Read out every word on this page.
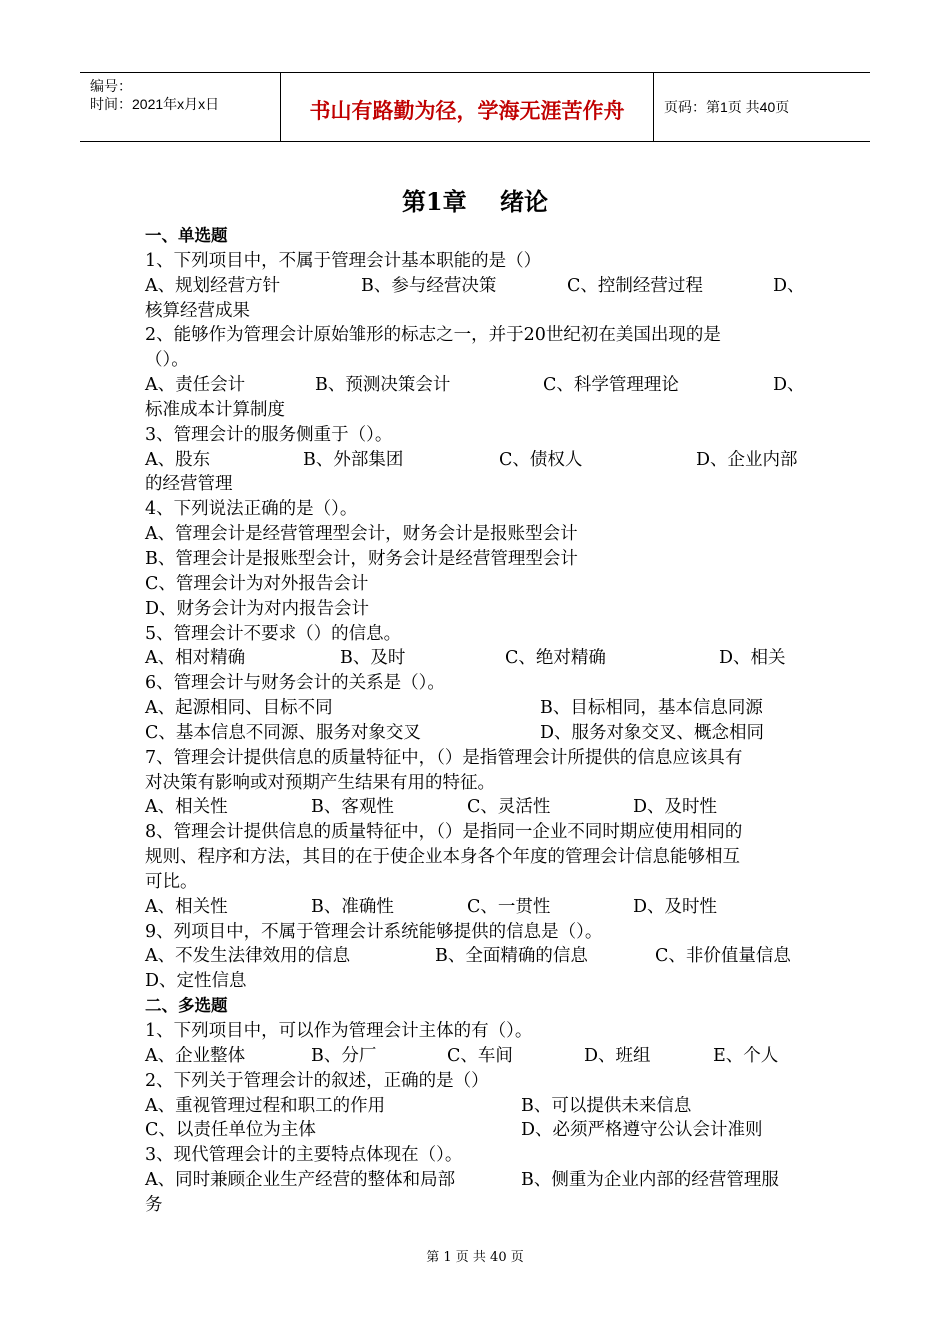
编号：
时间：2021年x月x日	书山有路勤为径，学海无涯苦作舟	页码：第1页 共40页
第1章    绪论
一、单选题
1、下列项目中，不属于管理会计基本职能的是（）

A、规划经营方针

	B、参与经营决策

	C、控制经营过程

	D、

核算经营成果
2、能够作为管理会计原始雏形的标志之一，并于20世纪初在美国出现的是
（）。

A、责任会计

	B、预测决策会计

	C、科学管理理论

	D、

标准成本计算制度
3、管理会计的服务侧重于（）。

A、股东

	B、外部集团

	C、债权人

	D、企业内部

的经营管理
4、下列说法正确的是（）。
A、管理会计是经营管理型会计，财务会计是报账型会计
B、管理会计是报账型会计，财务会计是经营管理型会计
C、管理会计为对外报告会计
D、财务会计为对内报告会计
5、管理会计不要求（）的信息。

A、相对精确

	B、及时

	C、绝对精确

	D、相关

6、管理会计与财务会计的关系是（）。

A、起源相同、目标不同

	B、目标相同，基本信息同源

C、基本信息不同源、服务对象交叉

	D、服务对象交叉、概念相同

7、管理会计提供信息的质量特征中，（）是指管理会计所提供的信息应该具有
对决策有影响或对预期产生结果有用的特征。

A、相关性

	B、客观性

	C、灵活性

	D、及时性

8、管理会计提供信息的质量特征中，（）是指同一企业不同时期应使用相同的
规则、程序和方法，其目的在于使企业本身各个年度的管理会计信息能够相互
可比。

A、相关性

	B、准确性

	C、一贯性

	D、及时性

9、列项目中，不属于管理会计系统能够提供的信息是（）。

A、不发生法律效用的信息

	B、全面精确的信息

	C、非价值量信息

D、定性信息
二、多选题
1、下列项目中，可以作为管理会计主体的有（）。

A、企业整体

	B、分厂

	C、车间

	D、班组

	E、个人

2、下列关于管理会计的叙述，正确的是（）

A、重视管理过程和职工的作用

	B、可以提供未来信息

C、以责任单位为主体

	D、必须严格遵守公认会计准则

3、现代管理会计的主要特点体现在（）。

A、同时兼顾企业生产经营的整体和局部

	B、侧重为企业内部的经营管理服

务
第 1 页 共 40 页
